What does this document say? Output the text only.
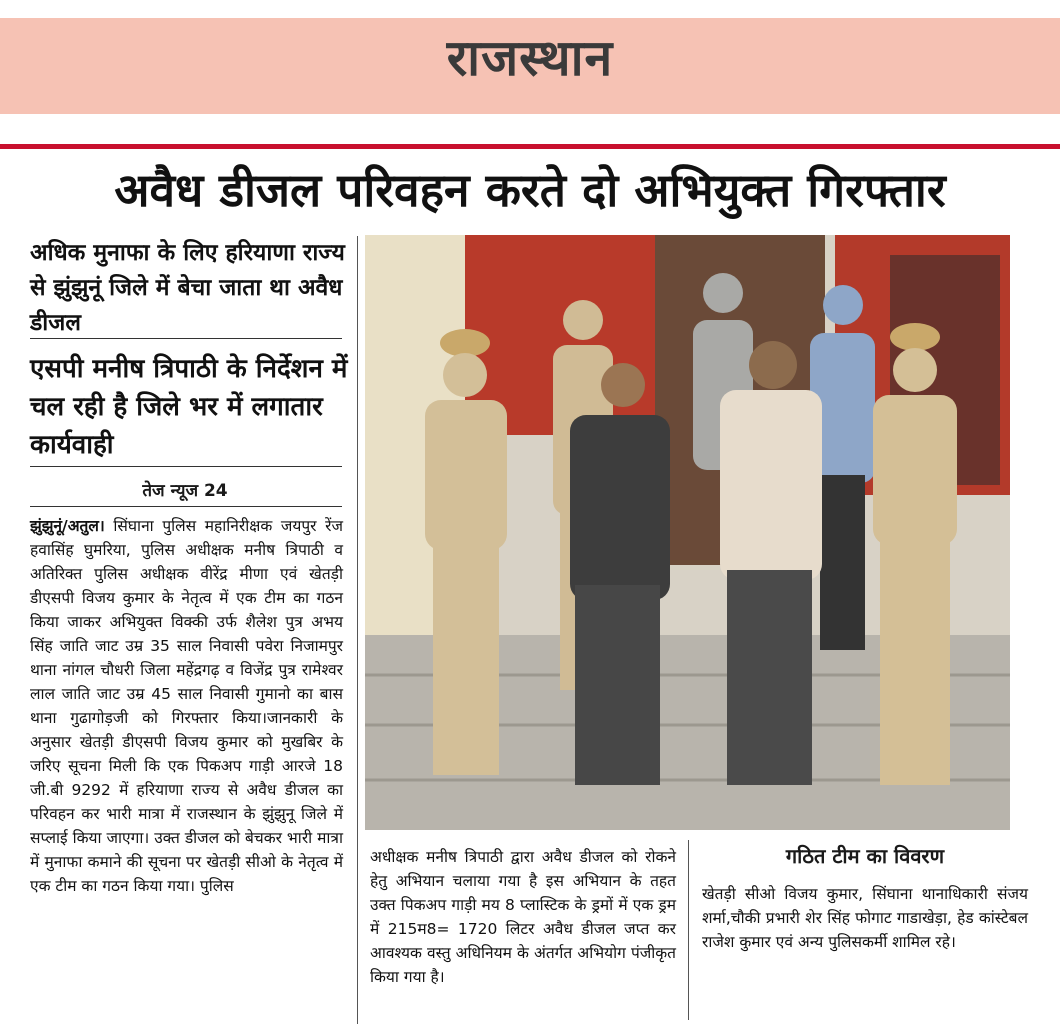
राजस्थान
अवैध डीजल परिवहन करते दो अभियुक्त गिरफ्तार
अधिक मुनाफा के लिए हरियाणा राज्य से झुंझुनूं जिले में बेचा जाता था अवैध डीजल
एसपी मनीष त्रिपाठी के निर्देशन में चल रही है जिले भर में लगातार कार्यवाही
तेज न्यूज 24
झुंझुनूं/अतुल। सिंघाना पुलिस महानिरीक्षक जयपुर रेंज हवासिंह घुमरिया, पुलिस अधीक्षक मनीष त्रिपाठी व अतिरिक्त पुलिस अधीक्षक वीरेंद्र मीणा एवं खेतड़ी डीएसपी विजय कुमार के नेतृत्व में एक टीम का गठन किया जाकर अभियुक्त विक्की उर्फ शैलेश पुत्र अभय सिंह जाति जाट उम्र 35 साल निवासी पवेरा निजामपुर थाना नांगल चौधरी जिला महेंद्रगढ़ व विजेंद्र पुत्र रामेश्वर लाल जाति जाट उम्र 45 साल निवासी गुमानो का बास थाना गुढागोड़जी को गिरफ्तार किया।जानकारी के अनुसार खेतड़ी डीएसपी विजय कुमार को मुखबिर के जरिए सूचना मिली कि एक पिकअप गाड़ी आरजे 18 जी.बी 9292 में हरियाणा राज्य से अवैध डीजल का परिवहन कर भारी मात्रा में राजस्थान के झुंझुनू जिले में सप्लाई किया जाएगा। उक्त डीजल को बेचकर भारी मात्रा में मुनाफा कमाने की सूचना पर खेतड़ी सीओ के नेतृत्व में एक टीम का गठन किया गया। पुलिस
अधीक्षक मनीष त्रिपाठी द्वारा अवैध डीजल को रोकने हेतु अभियान चलाया गया है इस अभियान के तहत उक्त पिकअप गाड़ी मय 8 प्लास्टिक के ड्रमों में एक ड्रम में 215म8= 1720 लिटर अवैध डीजल जप्त कर आवश्यक वस्तु अधिनियम के अंतर्गत अभियोग पंजीकृत किया गया है।
गठित टीम का विवरण
खेतड़ी सीओ विजय कुमार, सिंघाना थानाधिकारी संजय शर्मा,चौकी प्रभारी शेर सिंह फोगाट गाडाखेड़ा, हेड कांस्टेबल राजेश कुमार एवं अन्य पुलिसकर्मी शामिल रहे।
